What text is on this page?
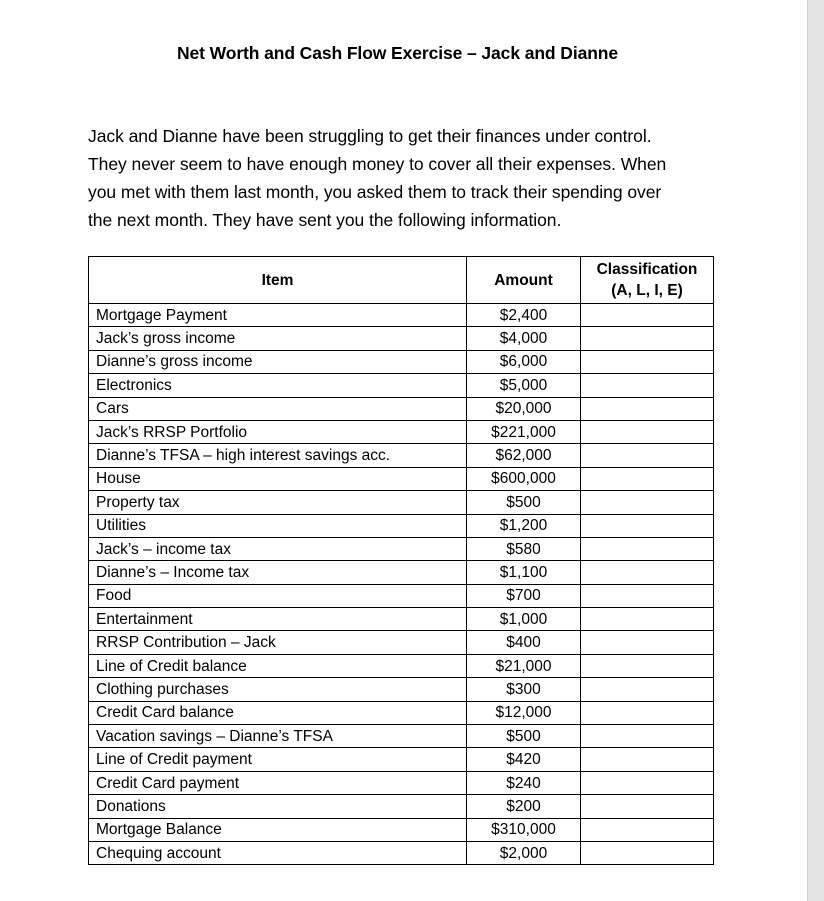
Net Worth and Cash Flow Exercise – Jack and Dianne

Jack and Dianne have been struggling to get their finances under control. They never seem to have enough money to cover all their expenses. When you met with them last month, you asked them to track their spending over the next month. They have sent you the following information.

Item	Amount	Classification
(A, L, I, E)

Mortgage Payment	$2,400	
Jack’s gross income	$4,000	
Dianne’s gross income	$6,000	
Electronics	$5,000	
Cars	$20,000	
Jack’s RRSP Portfolio	$221,000	
Dianne’s TFSA – high interest savings acc.	$62,000	
House	$600,000	
Property tax	$500	
Utilities	$1,200	
Jack’s – income tax	$580	
Dianne’s – Income tax	$1,100	
Food	$700	
Entertainment	$1,000	
RRSP Contribution – Jack	$400	
Line of Credit balance	$21,000	
Clothing purchases	$300	
Credit Card balance	$12,000	
Vacation savings – Dianne’s TFSA	$500	
Line of Credit payment	$420	
Credit Card payment	$240	
Donations	$200	
Mortgage Balance	$310,000	
Chequing account	$2,000	
